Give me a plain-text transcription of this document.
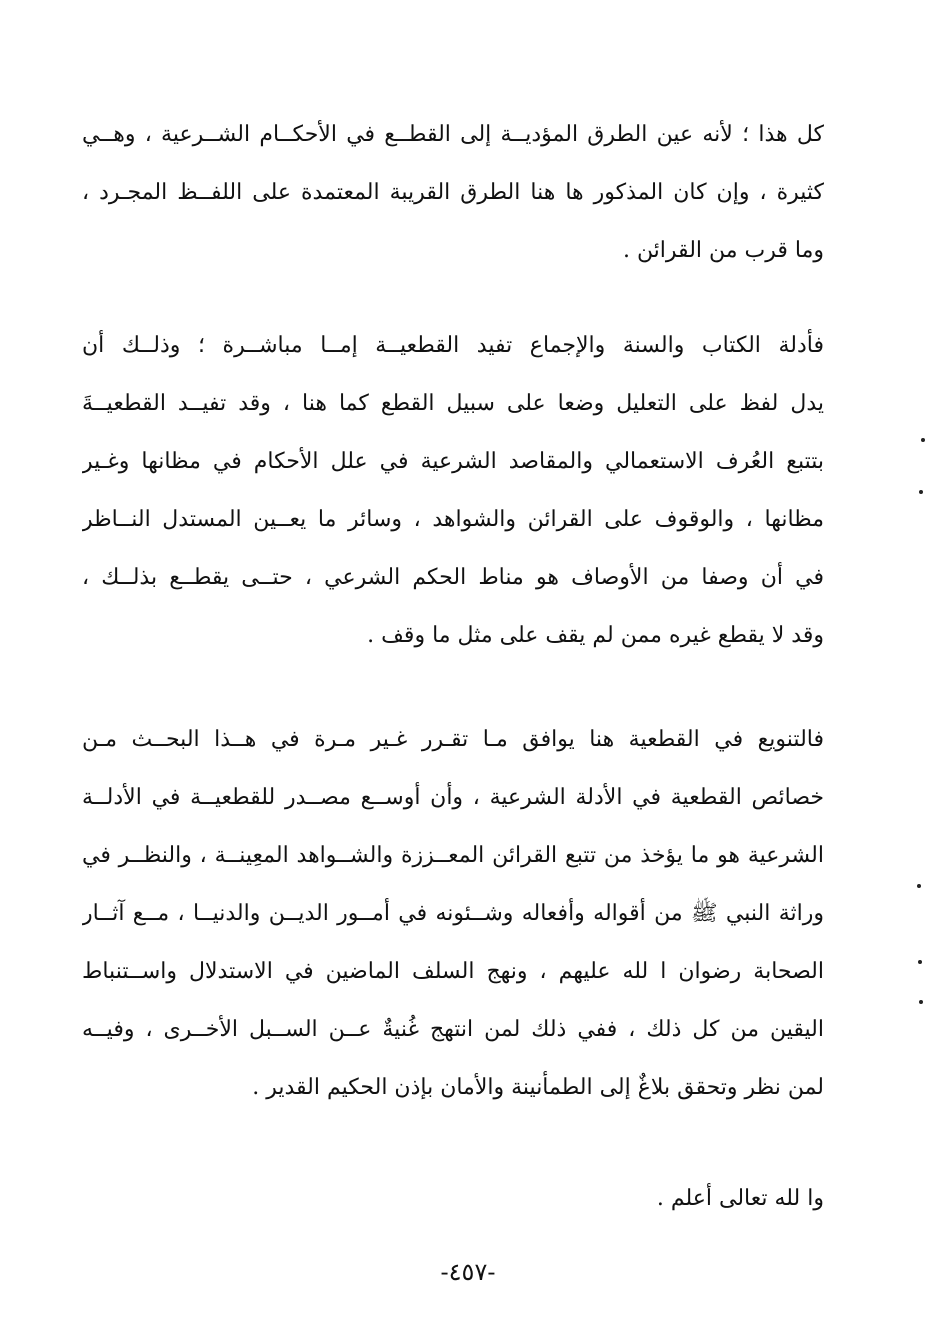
كل هذا ؛ لأنه عين الطرق المؤديــة إلى القطــع في الأحكــام الشــرعية ، وهــي
كثيرة ، وإن كان المذكور ها هنا الطرق القريبة المعتمدة على اللفــظ المجـرد ،
وما قرب من القرائن .
فأدلة الكتاب والسنة والإجماع تفيد القطعيــة إمــا مباشــرة ؛ وذلــك أن
يدل لفظ على التعليل وضعا على سبيل القطع كما هنا ، وقد تفيــد القطعيــةَ
بتتبع العُرف الاستعمالي والمقاصد الشرعية في علل الأحكام في مظانها وغـير
مظانها ، والوقوف على القرائن والشواهد ، وسائر ما يعــين المستدل النــاظر
في أن وصفا من الأوصاف هو مناط الحكم الشرعي ، حتــى يقطــع بذلــك ،
وقد لا يقطع غيره ممن لم يقف على مثل ما وقف .
فالتنويع في القطعية هنا يوافق مـا تقـرر غـير مـرة في هــذا البحــث مـن
خصائص القطعية في الأدلة الشرعية ، وأن أوســع مصــدر للقطعيــة في الأدلــة
الشرعية هو ما يؤخذ من تتبع القرائن المعــززة والشــواهد المعِينــة ، والنظــر في
وراثة النبي ﷺ من أقواله وأفعاله وشــئونه في أمــور الديــن والدنيــا ، مــع آثــار
الصحابة رضوان ا لله عليهم ، ونهج السلف الماضين في الاستدلال واســتنباط
اليقين من كل ذلك ، ففي ذلك لمن انتهج غُنيةٌ عــن الســبل الأخــرى ، وفيــه
لمن نظر وتحقق بلاغٌ إلى الطمأنينة والأمان بإذن الحكيم القدير .
وا لله تعالى أعلم .
-٤٥٧-
